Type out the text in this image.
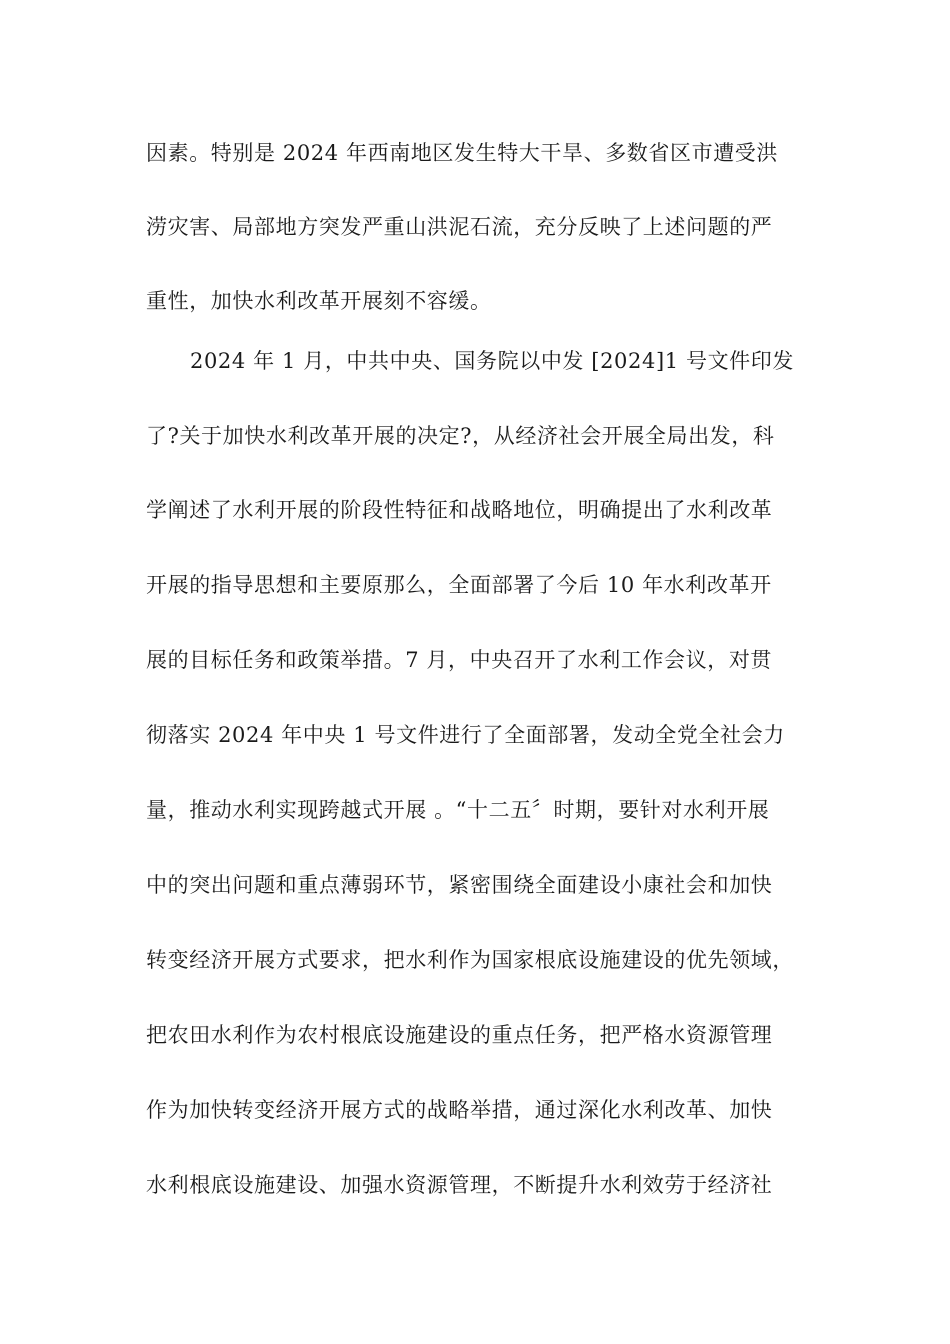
因素。特别是 2024 年西南地区发生特大干旱、多数省区市遭受洪
涝灾害、局部地方突发严重山洪泥石流，充分反映了上述问题的严
重性，加快水利改革开展刻不容缓。
2024 年 1 月，中共中央、国务院以中发 [2024]1 号文件印发
了?关于加快水利改革开展的决定?，从经济社会开展全局出发，科
学阐述了水利开展的阶段性特征和战略地位，明确提出了水利改革
开展的指导思想和主要原那么，全面部署了今后 10 年水利改革开
展的目标任务和政策举措。7 月，中央召开了水利工作会议，对贯
彻落实 2024 年中央 1 号文件进行了全面部署，发动全党全社会力
量，推动水利实现跨越式开展 。“十二五〞时期，要针对水利开展
中的突出问题和重点薄弱环节，紧密围绕全面建设小康社会和加快
转变经济开展方式要求，把水利作为国家根底设施建设的优先领域，
把农田水利作为农村根底设施建设的重点任务，把严格水资源管理
作为加快转变经济开展方式的战略举措，通过深化水利改革、加快
水利根底设施建设、加强水资源管理，不断提升水利效劳于经济社
